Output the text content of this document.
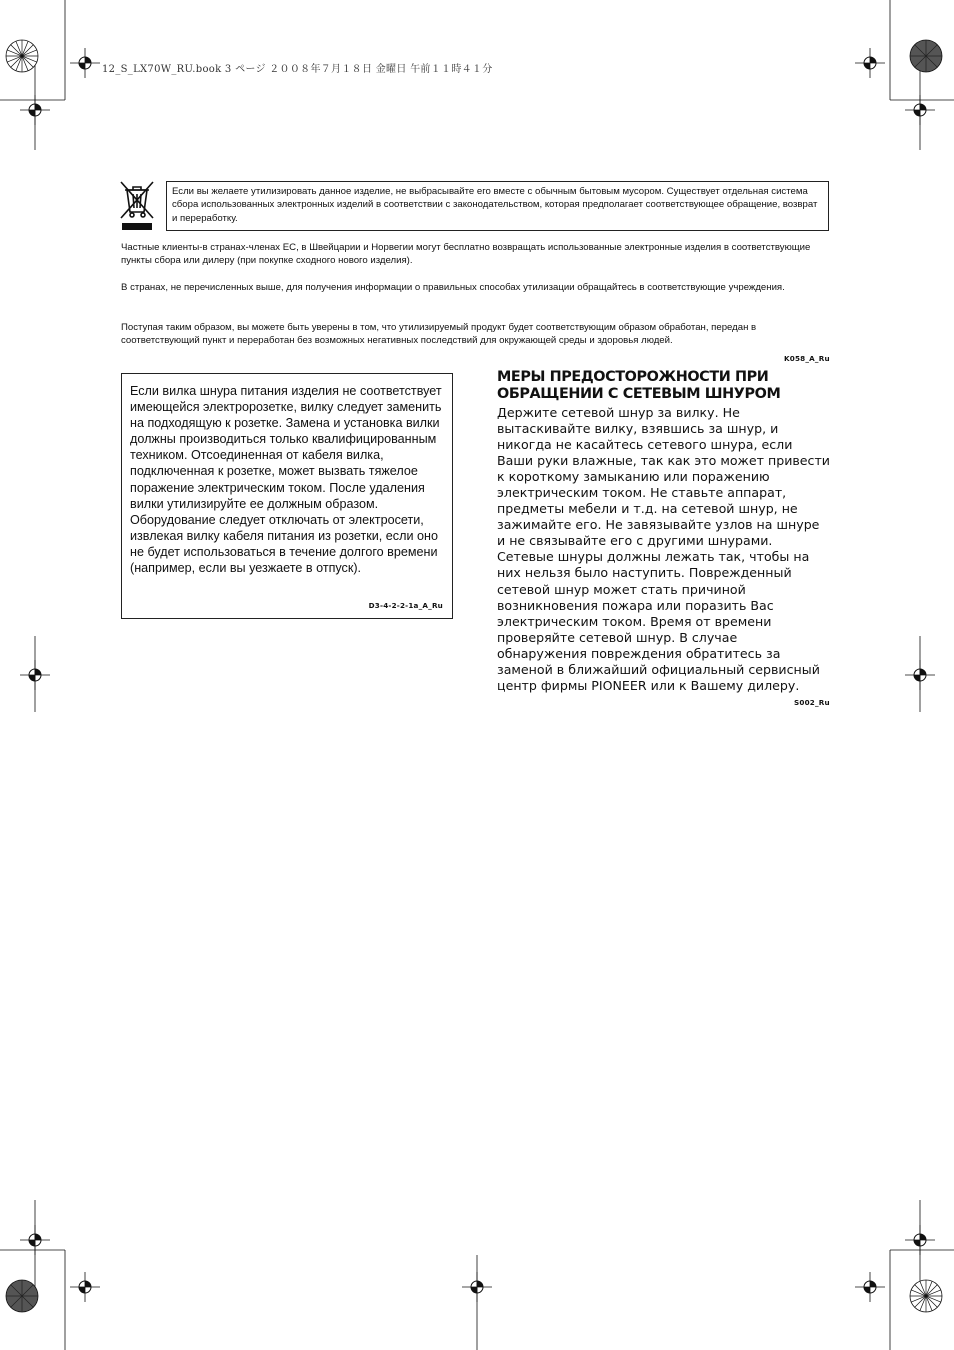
12_S_LX70W_RU.book 3 ページ ２００８年７月１８日 金曜日 午前１１時４１分
Если вы желаете утилизировать данное изделие, не выбрасывайте его вместе с обычным бытовым мусором. Существует отдельная система сбора использованных электронных изделий в соответствии с законодательством, которая предполагает соответствующее обращение, возврат и переработку.
Частные клиенты-в странах-членах ЕС, в Швейцарии и Норвегии могут бесплатно возвращать использованные электронные изделия в соответствующие пункты сбора или дилеру (при покупке сходного нового изделия).
В странах, не перечисленных выше, для получения информации о правильных способах утилизации обращайтесь в соответствующие учреждения.
Поступая таким образом, вы можете быть уверены в том, что утилизируемый продукт будет соответствующим образом обработан, передан в соответствующий пункт и переработан без возможных негативных последствий для окружающей среды и здоровья людей.
K058_A_Ru

Если вилка шнура питания изделия не соответствует имеющейся электророзетке, вилку следует заменить на подходящую к розетке. Замена и установка вилки должны производиться только квалифицированным техником. Отсоединенная от кабеля вилка, подключенная к розетке, может вызвать тяжелое поражение электрическим током. После удаления вилки утилизируйте ее должным образом. Оборудование следует отключать от электросети, извлекая вилку кабеля питания из розетки, если оно не будет использоваться в течение долгого времени (например, если вы уезжаете в отпуск).

D3-4-2-2-1a_A_Ru
МЕРЫ ПРЕДОСТОРОЖНОСТИ ПРИ ОБРАЩЕНИИ С СЕТЕВЫМ ШНУРОМ

Держите сетевой шнур за вилку. Не вытаскивайте вилку, взявшись за шнур, и никогда не касайтесь сетевого шнура, если Ваши руки влажные, так как это может привести к короткому замыканию или поражению электрическим током. Не ставьте аппарат, предметы мебели и т.д. на сетевой шнур, не зажимайте его. Не завязывайте узлов на шнуре и не связывайте его с другими шнурами. Сетевые шнуры должны лежать так, чтобы на них нельзя было наступить. Поврежденный сетевой шнур может стать причиной возникновения пожара или поразить Вас электрическим током. Время от времени проверяйте сетевой шнур. В случае обнаружения повреждения обратитесь за заменой в ближайший официальный сервисный центр фирмы PIONEER или к Вашему дилеру.

S002_Ru
